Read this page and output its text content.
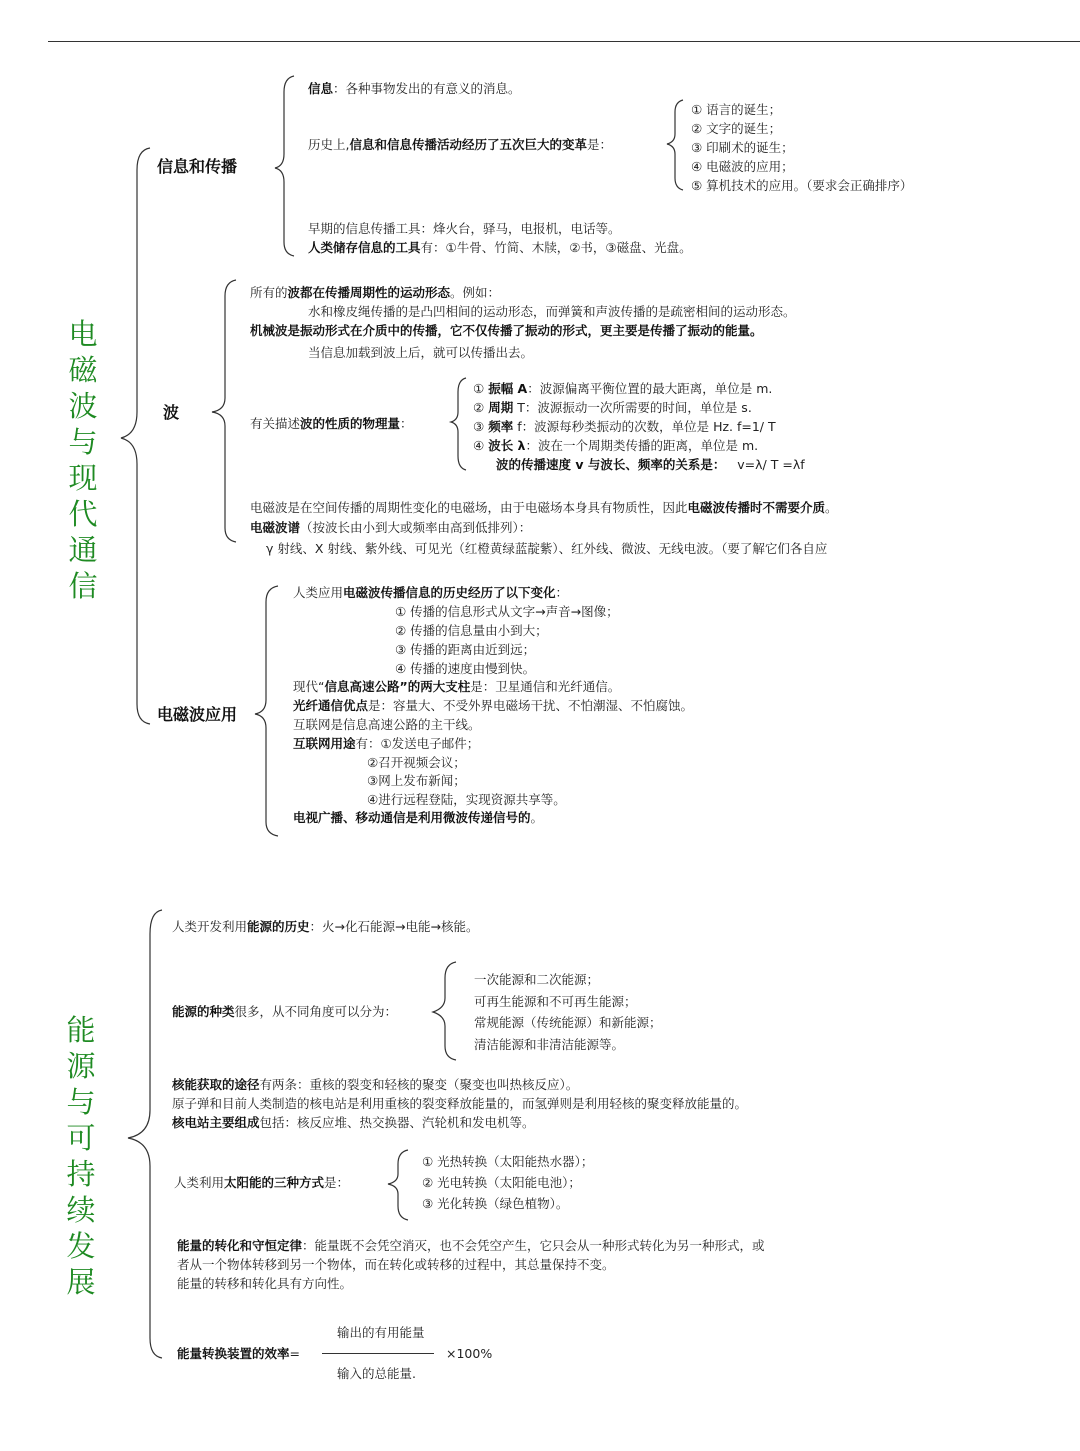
电
磁
波
与
现
代
通
信
信息和传播
信息：各种事物发出的有意义的消息。
历史上,信息和信息传播活动经历了五次巨大的变革是：
① 语言的诞生；
② 文字的诞生；
③ 印刷术的诞生；
④ 电磁波的应用；
⑤ 算机技术的应用。（要求会正确排序）
早期的信息传播工具：烽火台，驿马，电报机，电话等。
人类储存信息的工具有：①牛骨、竹简、木牍，②书，③磁盘、光盘。
波
所有的波都在传播周期性的运动形态。例如：
水和橡皮绳传播的是凸凹相间的运动形态，而弹簧和声波传播的是疏密相间的运动形态。
机械波是振动形式在介质中的传播，它不仅传播了振动的形式，更主要是传播了振动的能量。
当信息加载到波上后，就可以传播出去。
有关描述波的性质的物理量：
① 振幅 A：波源偏离平衡位置的最大距离，单位是 m.
② 周期 T：波源振动一次所需要的时间，单位是 s.
③ 频率 f：波源每秒类振动的次数，单位是 Hz. f=1/ T
④ 波长 λ：波在一个周期类传播的距离，单位是 m.
波的传播速度 v 与波长、频率的关系是： v=λ/ T =λf
电磁波是在空间传播的周期性变化的电磁场，由于电磁场本身具有物质性，因此电磁波传播时不需要介质。
电磁波谱（按波长由小到大或频率由高到低排列）：
γ 射线、X 射线、紫外线、可见光（红橙黄绿蓝靛紫）、红外线、微波、无线电波。（要了解它们各自应
电磁波应用
人类应用电磁波传播信息的历史经历了以下变化：
① 传播的信息形式从文字→声音→图像；
② 传播的信息量由小到大；
③ 传播的距离由近到远；
④ 传播的速度由慢到快。
现代“信息高速公路”的两大支柱是：卫星通信和光纤通信。
光纤通信优点是：容量大、不受外界电磁场干扰、不怕潮湿、不怕腐蚀。
互联网是信息高速公路的主干线。
互联网用途有：①发送电子邮件；
②召开视频会议；
③网上发布新闻；
④进行远程登陆，实现资源共享等。
电视广播、移动通信是利用微波传递信号的。
能
源
与
可
持
续
发
展
人类开发利用能源的历史：火→化石能源→电能→核能。
能源的种类很多，从不同角度可以分为：
一次能源和二次能源；
可再生能源和不可再生能源；
常规能源（传统能源）和新能源；
清洁能源和非清洁能源等。
核能获取的途径有两条：重核的裂变和轻核的聚变（聚变也叫热核反应）。
原子弹和目前人类制造的核电站是利用重核的裂变释放能量的，而氢弹则是利用轻核的聚变释放能量的。
核电站主要组成包括：核反应堆、热交换器、汽轮机和发电机等。
人类利用太阳能的三种方式是：
① 光热转换（太阳能热水器）；
② 光电转换（太阳能电池）；
③ 光化转换（绿色植物）。
能量的转化和守恒定律：能量既不会凭空消灭，也不会凭空产生，它只会从一种形式转化为另一种形式，或
者从一个物体转移到另一个物体，而在转化或转移的过程中，其总量保持不变。
能量的转移和转化具有方向性。
输出的有用能量
能量转换装置的效率=	×100%
输入的总能量.
